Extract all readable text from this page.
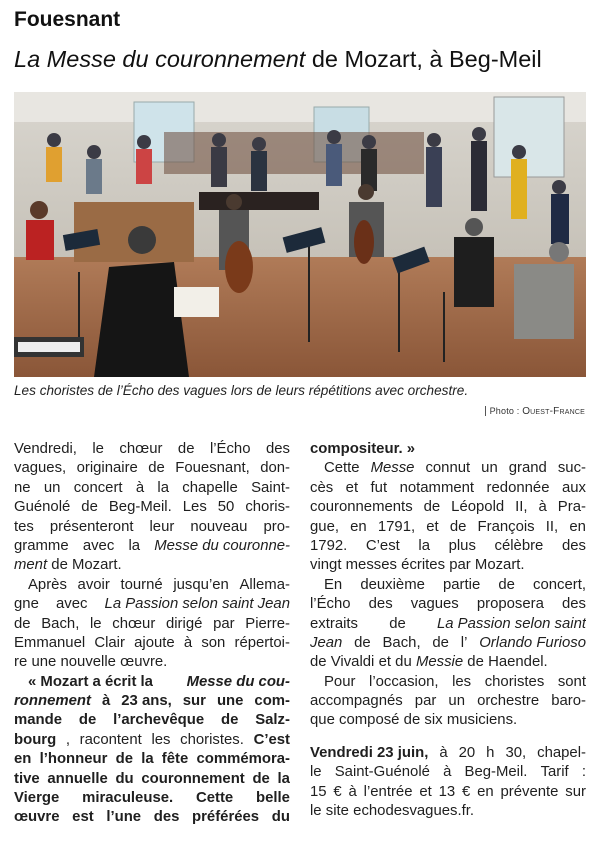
Fouesnant
La Messe du couronnement de Mozart, à Beg-Meil
Les choristes de l’Écho des vagues lors de leurs répétitions avec orchestre.
Photo : Ouest-France
Vendredi, le chœur de l’Écho des
vagues, originaire de Fouesnant, don-
ne un concert à la chapelle Saint-
Guénolé de Beg-Meil. Les 50 choris-
tes présenteront leur nouveau pro-
gramme avec la Messe du couronne-
ment de Mozart.
Après avoir tourné jusqu’en Allema-
gne avec La Passion selon saint Jean
de Bach, le chœur dirigé par Pierre-
Emmanuel Clair ajoute à son répertoi-
re une nouvelle œuvre.
« Mozart a écrit la Messe du cou-
ronnement à 23 ans, sur une com-
mande de l’archevêque de Salz-
bourg , racontent les choristes. C’est
en l’honneur de la fête commémora-
tive annuelle du couronnement de la
Vierge miraculeuse. Cette belle
œuvre est l’une des préférées du
compositeur. »
Cette Messe connut un grand suc-
cès et fut notamment redonnée aux
couronnements de Léopold II, à Pra-
gue, en 1791, et de François II, en
1792. C’est la plus célèbre des
vingt messes écrites par Mozart.
En deuxième partie de concert,
l’Écho des vagues proposera des
extraits de La Passion selon saint
Jean de Bach, de l’ Orlando Furioso
de Vivaldi et du Messie de Haendel.
Pour l’occasion, les choristes sont
accompagnés par un orchestre baro-
que composé de six musiciens.
Vendredi 23 juin, à 20 h 30, chapel-
le Saint-Guénolé à Beg-Meil. Tarif :
15 € à l’entrée et 13 € en prévente sur
le site echodesvagues.fr.
